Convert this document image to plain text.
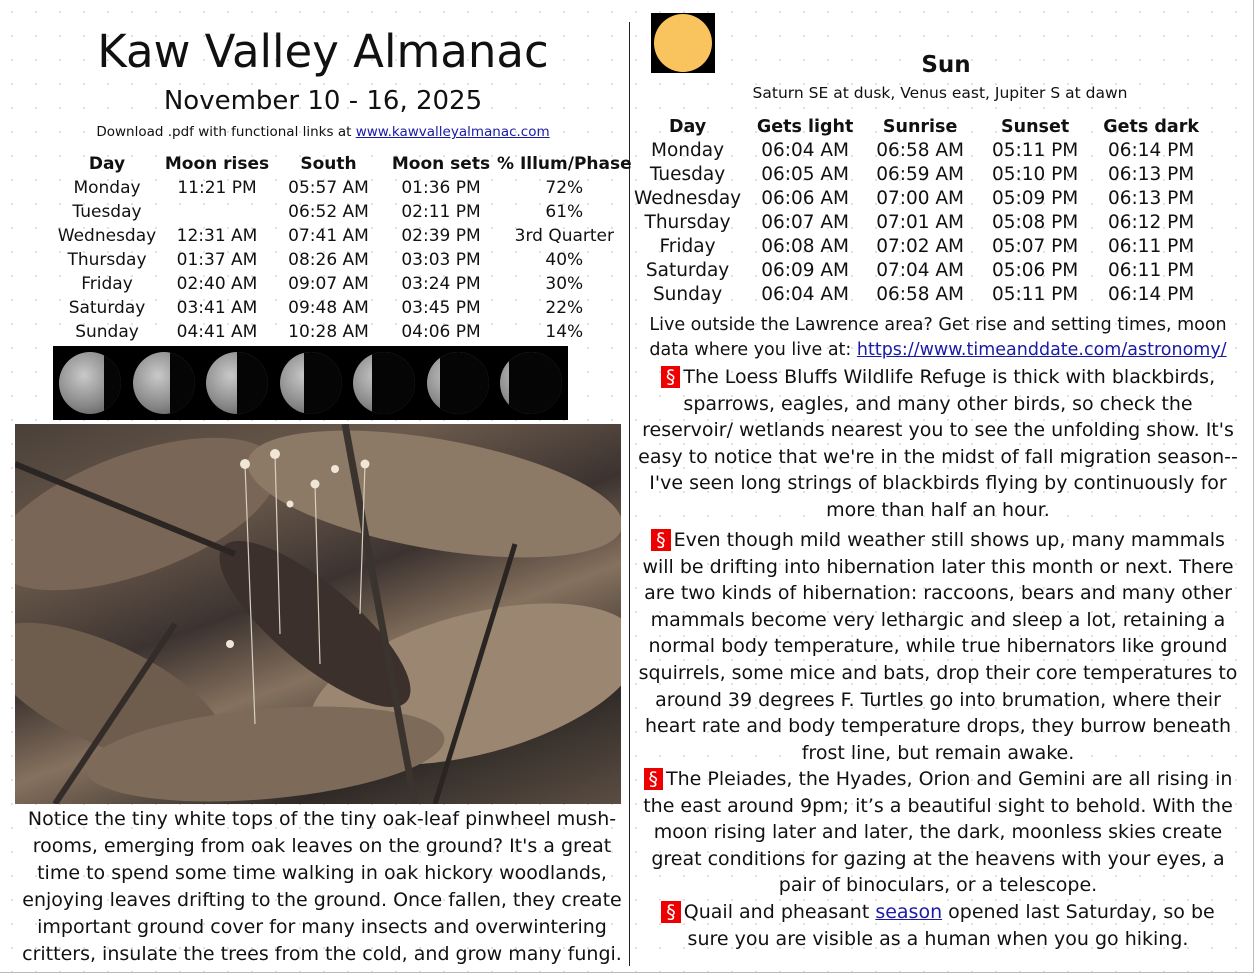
Kaw Valley Almanac
November 10 - 16, 2025
Download .pdf with functional links at www.kawvalleyalmanac.com
Day	Moon rises	South	Moon sets	% Illum/Phase
Monday	11:21 PM	05:57 AM	01:36 PM	72%
Tuesday		06:52 AM	02:11 PM	61%
Wednesday	12:31 AM	07:41 AM	02:39 PM	3rd Quarter
Thursday	01:37 AM	08:26 AM	03:03 PM	40%
Friday	02:40 AM	09:07 AM	03:24 PM	30%
Saturday	03:41 AM	09:48 AM	03:45 PM	22%
Sunday	04:41 AM	10:28 AM	04:06 PM	14%
Notice the tiny white tops of the tiny oak-leaf pinwheel mush-rooms, emerging from oak leaves on the ground? It's a great time to spend some time walking in oak hickory woodlands, enjoying leaves drifting to the ground. Once fallen, they create important ground cover for many insects and overwintering critters, insulate the trees from the cold, and grow many fungi.
Sun
Saturn SE at dusk, Venus east, Jupiter S at dawn
Day	Gets light	Sunrise	Sunset	Gets dark
Monday	06:04 AM	06:58 AM	05:11 PM	06:14 PM
Tuesday	06:05 AM	06:59 AM	05:10 PM	06:13 PM
Wednesday	06:06 AM	07:00 AM	05:09 PM	06:13 PM
Thursday	06:07 AM	07:01 AM	05:08 PM	06:12 PM
Friday	06:08 AM	07:02 AM	05:07 PM	06:11 PM
Saturday	06:09 AM	07:04 AM	05:06 PM	06:11 PM
Sunday	06:04 AM	06:58 AM	05:11 PM	06:14 PM
Live outside the Lawrence area? Get rise and setting times, moon data where you live at: https://www.timeanddate.com/astronomy/
§ The Loess Bluffs Wildlife Refuge is thick with blackbirds, sparrows, eagles, and many other birds, so check the reservoir/ wetlands nearest you to see the unfolding show. It's easy to notice that we're in the midst of fall migration season--I've seen long strings of blackbirds flying by continuously for more than half an hour.
§ Even though mild weather still shows up, many mammals will be drifting into hibernation later this month or next. There are two kinds of hibernation: raccoons, bears and many other mammals become very lethargic and sleep a lot, retaining a normal body temperature, while true hibernators like ground squirrels, some mice and bats, drop their core temperatures to around 39 degrees F. Turtles go into brumation, where their heart rate and body temperature drops, they burrow beneath frost line, but remain awake.
§ The Pleiades, the Hyades, Orion and Gemini are all rising in the east around 9pm; it’s a beautiful sight to behold. With the moon rising later and later, the dark, moonless skies create great conditions for gazing at the heavens with your eyes, a pair of binoculars, or a telescope.
§ Quail and pheasant season opened last Saturday, so be sure you are visible as a human when you go hiking.
